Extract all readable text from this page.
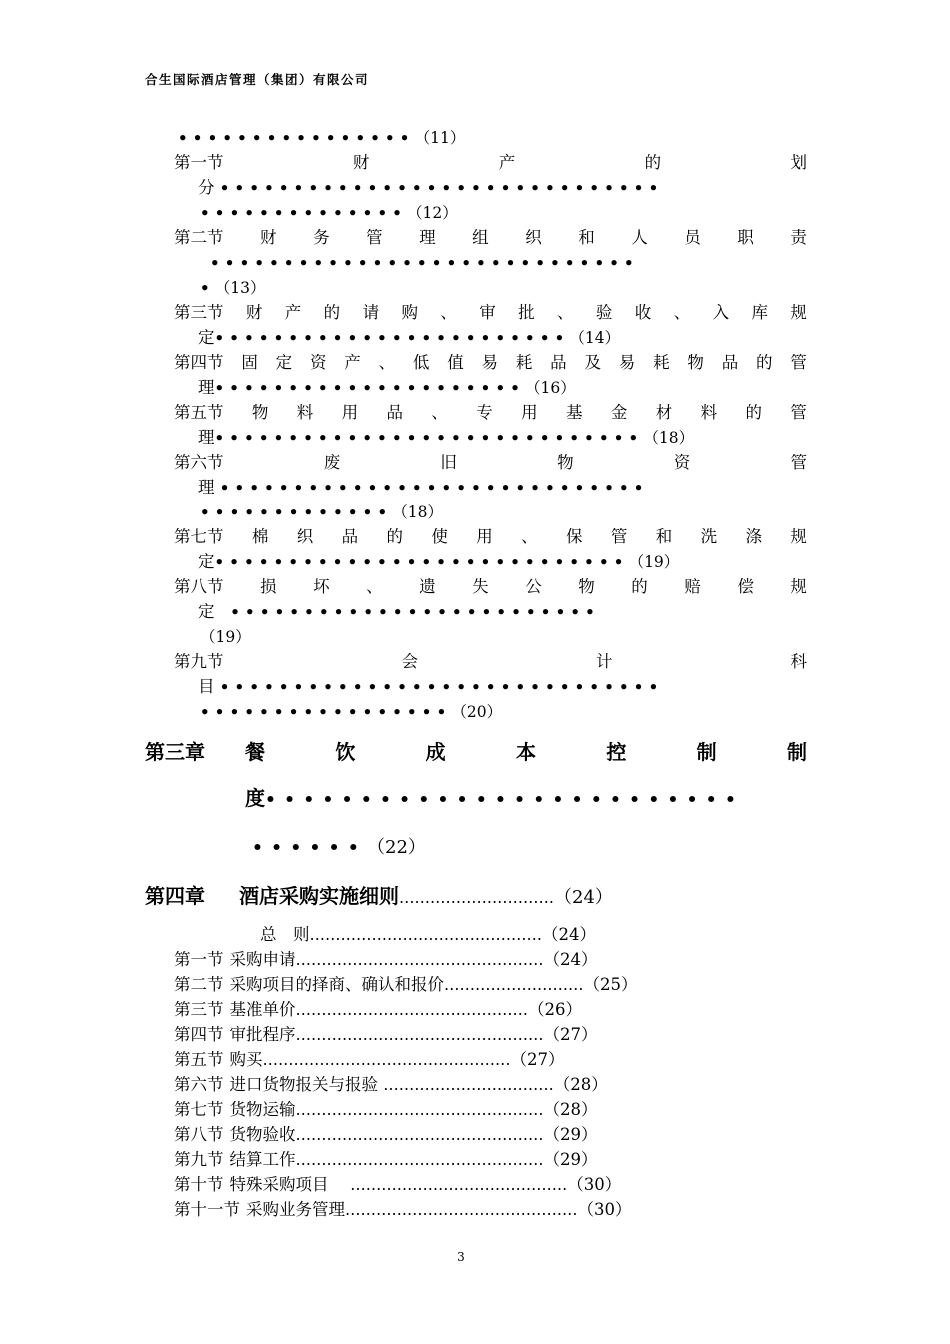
合生国际酒店管理（集团）有限公司
••••••••••••••••（11）
第一节	财	产	的	划
分 ••••••••••••••••••••••••••••••
••••••••••••••（12）
第二节 财 务 管 理 组 织 和 人 员 职 责
•••••••••••••••••••••••••••••
•（13）
第三节 财 产 的 请 购 、 审 批 、 验 收 、 入 库 规
定••••••••••••••••••••••••（14）
第四节 固 定 资 产 、 低 值 易 耗 品 及 易 耗 物 品 的 管
理•••••••••••••••••••••（16）
第五节 物 料 用 品 、 专 用 基 金 材 料 的 管
理•••••••••••••••••••••••••••••（18）
第六节	废	旧	物	资	管
理 •••••••••••••••••••••••••••••
•••••••••••••（18）
第七节 棉 织 品 的 使 用 、 保 管 和 洗 涤 规
定••••••••••••••••••••••••••••（19）
第八节 损 坏 、 遗 失 公 物 的 赔 偿 规
定 •••••••••••••••••••••••••
（19）
第九节	会	计	科
目 ••••••••••••••••••••••••••••••
•••••••••••••••••（20）
第三章	餐	饮	成	本	控	制	制
度•••••••••••••••••••••••••
••••••（22）
第四章 酒店采购实施细则…………………………（24）
总　则………………………………………（24）
第一节 采购申请…………………………………………（24）
第二节 采购项目的择商、确认和报价………………………（25）
第三节 基准单价………………………………………（26）
第四节 审批程序…………………………………………（27）
第五节 购买…………………………………………（27）
第六节 进口货物报关与报验 ……………………………（28）
第七节 货物运输…………………………………………（28）
第八节 货物验收…………………………………………（29）
第九节 结算工作…………………………………………（29）
第十节 特殊采购项目　 ……………………………………（30）
第十一节 采购业务管理………………………………………（30）
3
